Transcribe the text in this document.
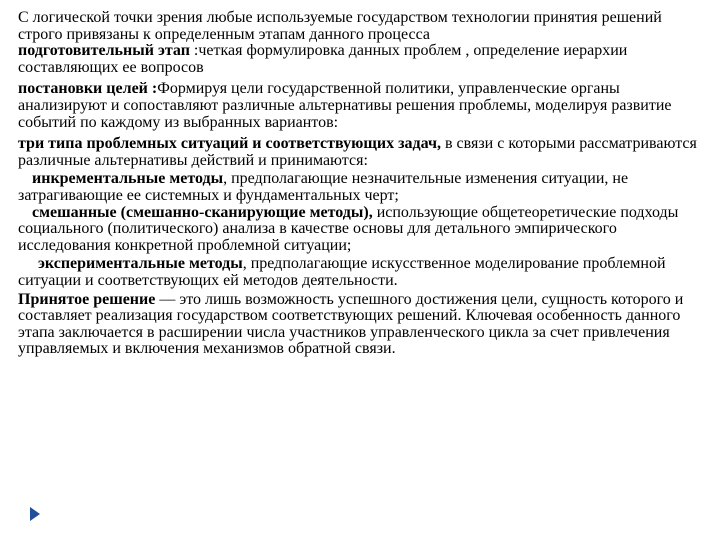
С логической точки зрения любые используемые государством технологии принятия решений строго привязаны к определенным этапам данного процесса

подготовительный этап :четкая формулировка данных проблем , определение иерархии составляющих ее вопросов

постановки целей :Формируя цели государственной политики, управленческие органы анализируют и сопоставляют различные альтернативы решения проблемы, моделируя развитие событий по каждому из выбранных вариантов:

три типа проблемных ситуаций и соответствующих задач, в связи с которыми рассматриваются различные альтернативы действий и принимаются:

инкрементальные методы, предполагающие незначительные изменения ситуации, не затрагивающие ее системных и фундаментальных черт;

смешанные (смешанно-сканирующие методы), использующие общетеоретические подходы социального (политического) анализа в качестве основы для детального эмпирического исследования конкретной проблемной ситуации;

экспериментальные методы, предполагающие искусственное моделирование проблемной ситуации и соответствующих ей методов деятельности.

Принятое решение — это лишь возможность успешного достижения цели, сущность которого и составляет реализация государством соответствующих решений. Ключевая особенность данного этапа заключается в расширении числа участников управленческого цикла за счет привлечения управляемых и включения механизмов обратной связи.
